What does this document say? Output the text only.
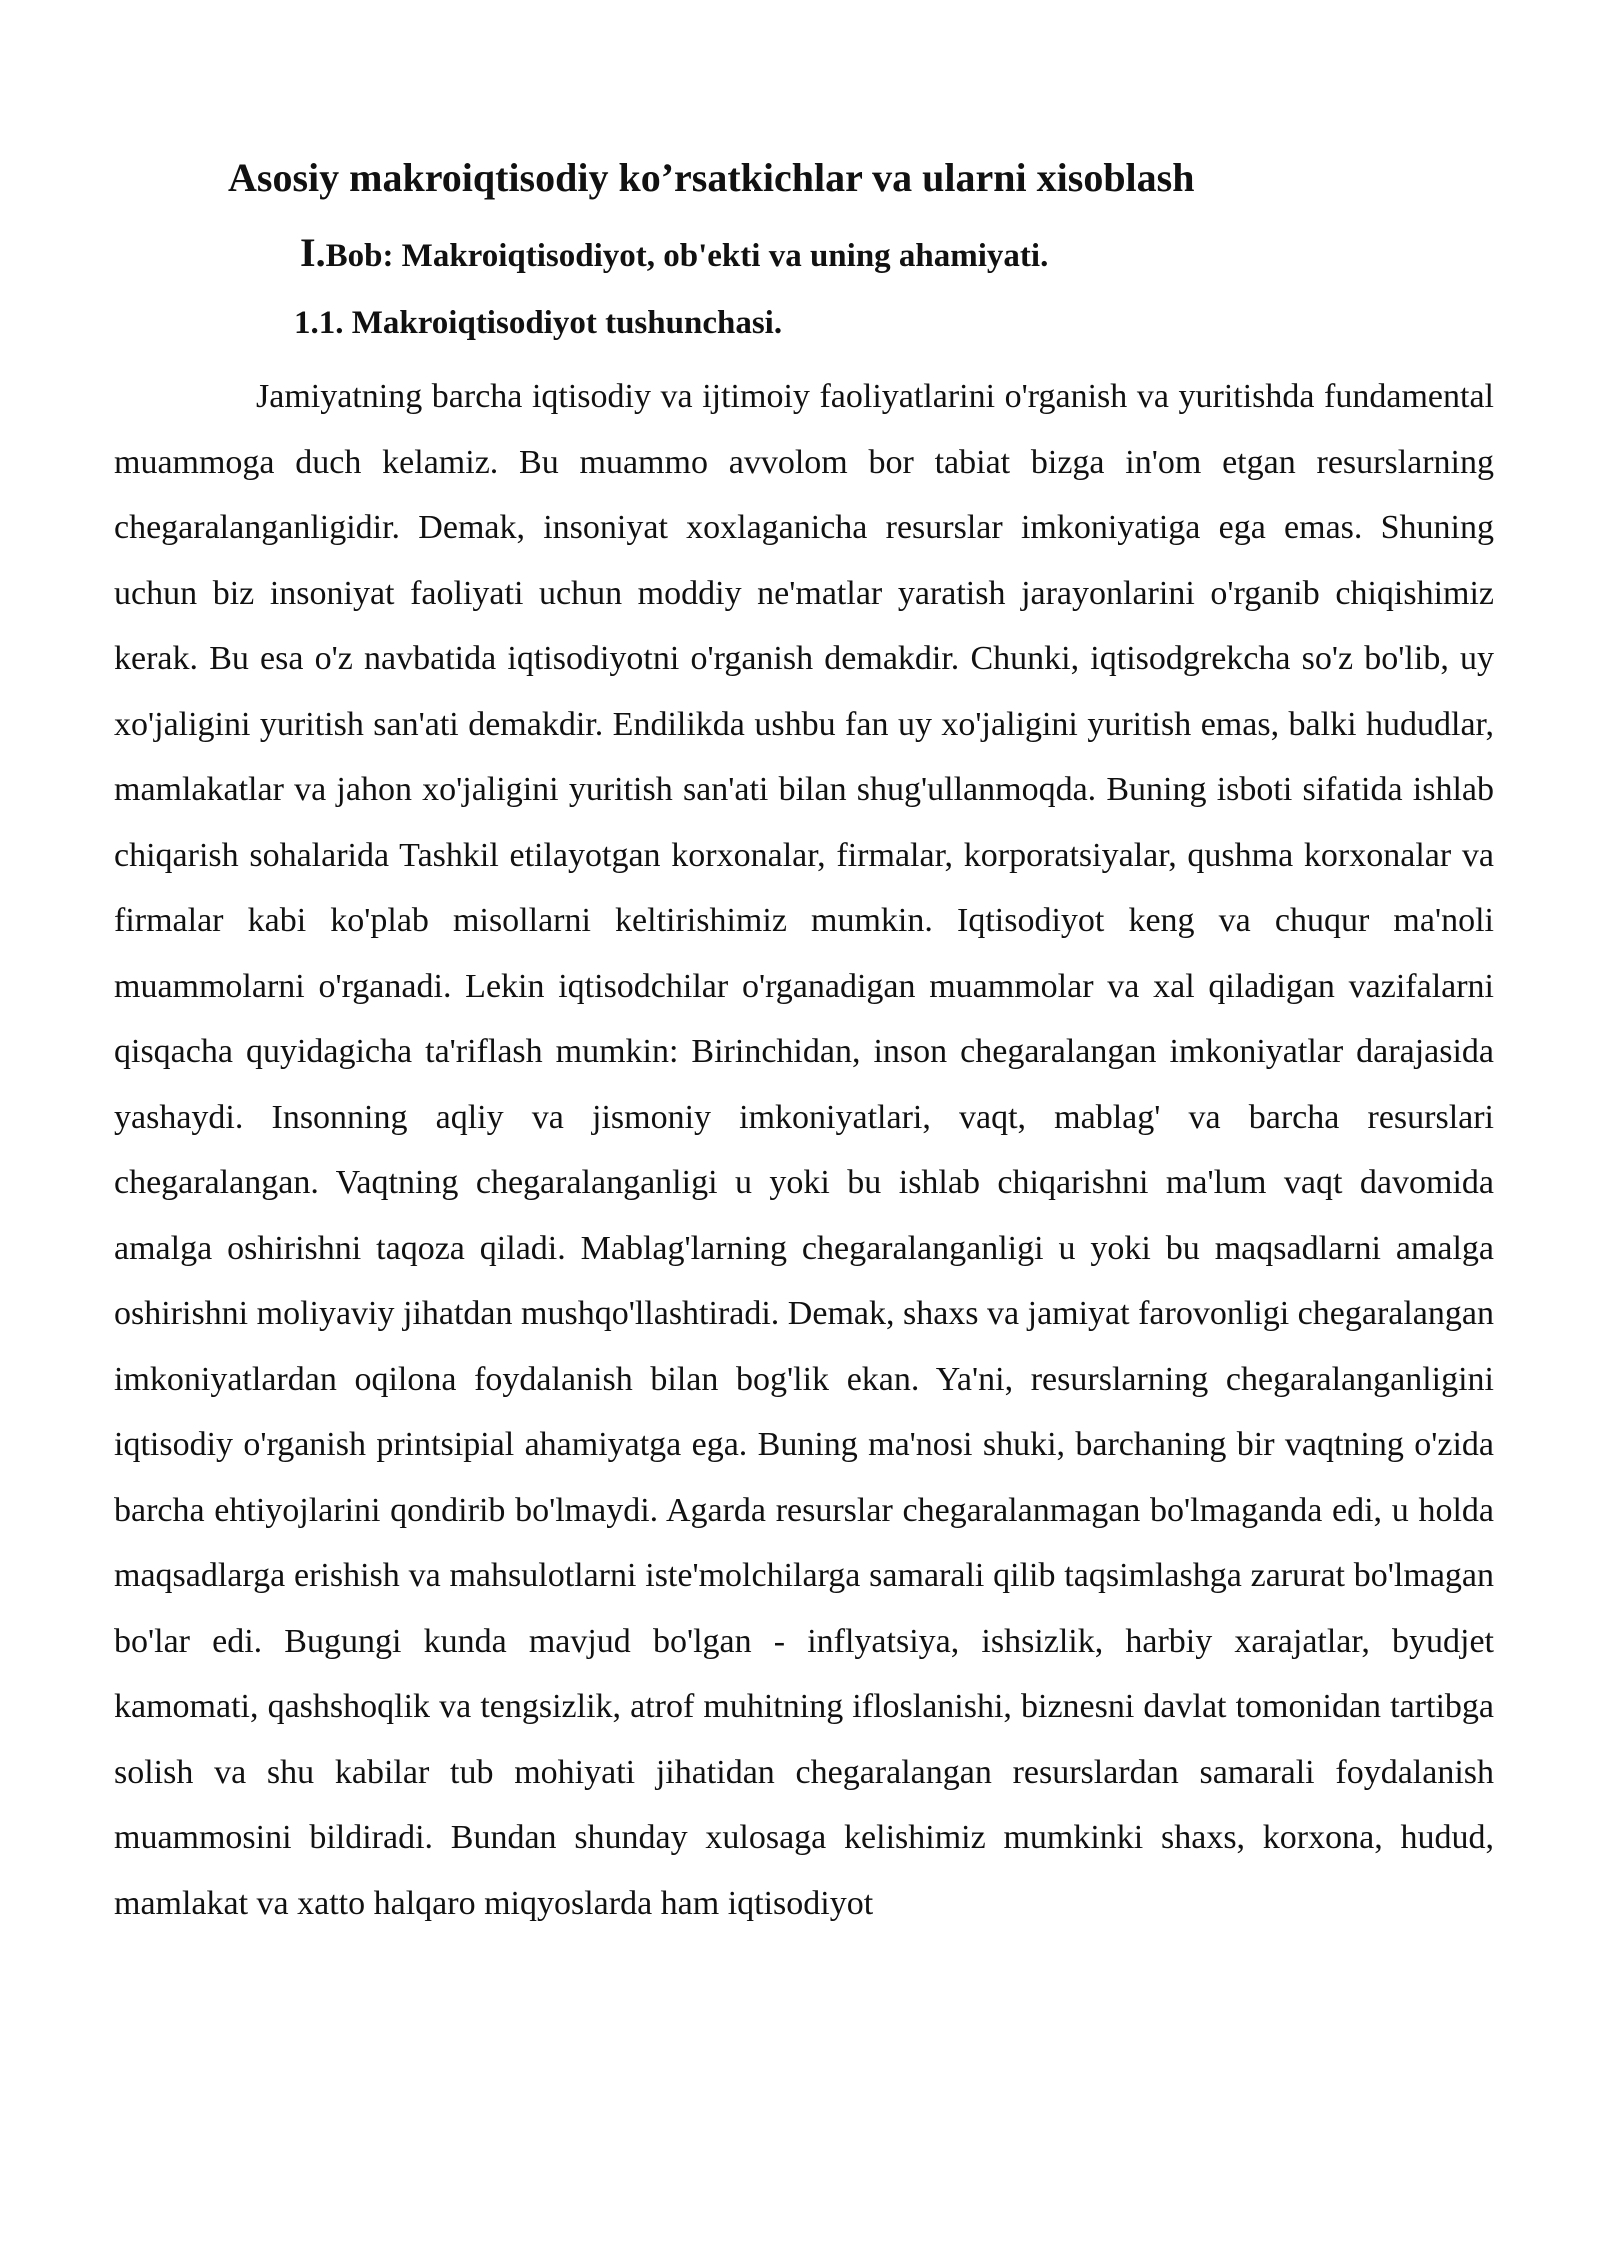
Asosiy makroiqtisodiy ko’rsatkichlar va ularni xisoblash
I.Bob: Makroiqtisodiyot, ob'ekti va uning ahamiyati.
1.1. Makroiqtisodiyot tushunchasi.

Jamiyatning barcha iqtisodiy va ijtimoiy faoliyatlarini o'rganish va yuritishda fundamental muammoga duch kelamiz. Bu muammo avvolom bor tabiat bizga in'om etgan resurslarning chegaralanganligidir. Demak, insoniyat xoxlaganicha resurslar imkoniyatiga ega emas. Shuning uchun biz insoniyat faoliyati uchun moddiy ne'matlar yaratish jarayonlarini o'rganib chiqishimiz kerak. Bu esa o'z navbatida iqtisodiyotni o'rganish demakdir. Chunki, iqtisodgrekcha so'z bo'lib, uy xo'jaligini yuritish san'ati demakdir. Endilikda ushbu fan uy xo'jaligini yuritish emas, balki hududlar, mamlakatlar va jahon xo'jaligini yuritish san'ati bilan shug'ullanmoqda. Buning isboti sifatida ishlab chiqarish sohalarida Tashkil etilayotgan korxonalar, firmalar, korporatsiyalar, qushma korxonalar va firmalar kabi ko'plab misollarni keltirishimiz mumkin. Iqtisodiyot keng va chuqur ma'noli muammolarni o'rganadi. Lekin iqtisodchilar o'rganadigan muammolar va xal qiladigan vazifalarni qisqacha quyidagicha ta'riflash mumkin: Birinchidan, inson chegaralangan imkoniyatlar darajasida yashaydi. Insonning aqliy va jismoniy imkoniyatlari, vaqt, mablag' va barcha resurslari chegaralangan. Vaqtning chegaralanganligi u yoki bu ishlab chiqarishni ma'lum vaqt davomida amalga oshirishni taqoza qiladi. Mablag'larning chegaralanganligi u yoki bu maqsadlarni amalga oshirishni moliyaviy jihatdan mushqo'llashtiradi. Demak, shaxs va jamiyat farovonligi chegaralangan imkoniyatlardan oqilona foydalanish bilan bog'lik ekan. Ya'ni, resurslarning chegaralanganligini iqtisodiy o'rganish printsipial ahamiyatga ega. Buning ma'nosi shuki, barchaning bir vaqtning o'zida barcha ehtiyojlarini qondirib bo'lmaydi. Agarda resurslar chegaralanmagan bo'lmaganda edi, u holda maqsadlarga erishish va mahsulotlarni iste'molchilarga samarali qilib taqsimlashga zarurat bo'lmagan bo'lar edi. Bugungi kunda mavjud bo'lgan - inflyatsiya, ishsizlik, harbiy xarajatlar, byudjet kamomati, qashshoqlik va tengsizlik, atrof muhitning ifloslanishi, biznesni davlat tomonidan tartibga solish va shu kabilar tub mohiyati jihatidan chegaralangan resurslardan samarali foydalanish muammosini bildiradi. Bundan shunday xulosaga kelishimiz mumkinki shaxs, korxona, hudud, mamlakat va xatto halqaro miqyoslarda ham iqtisodiyot
